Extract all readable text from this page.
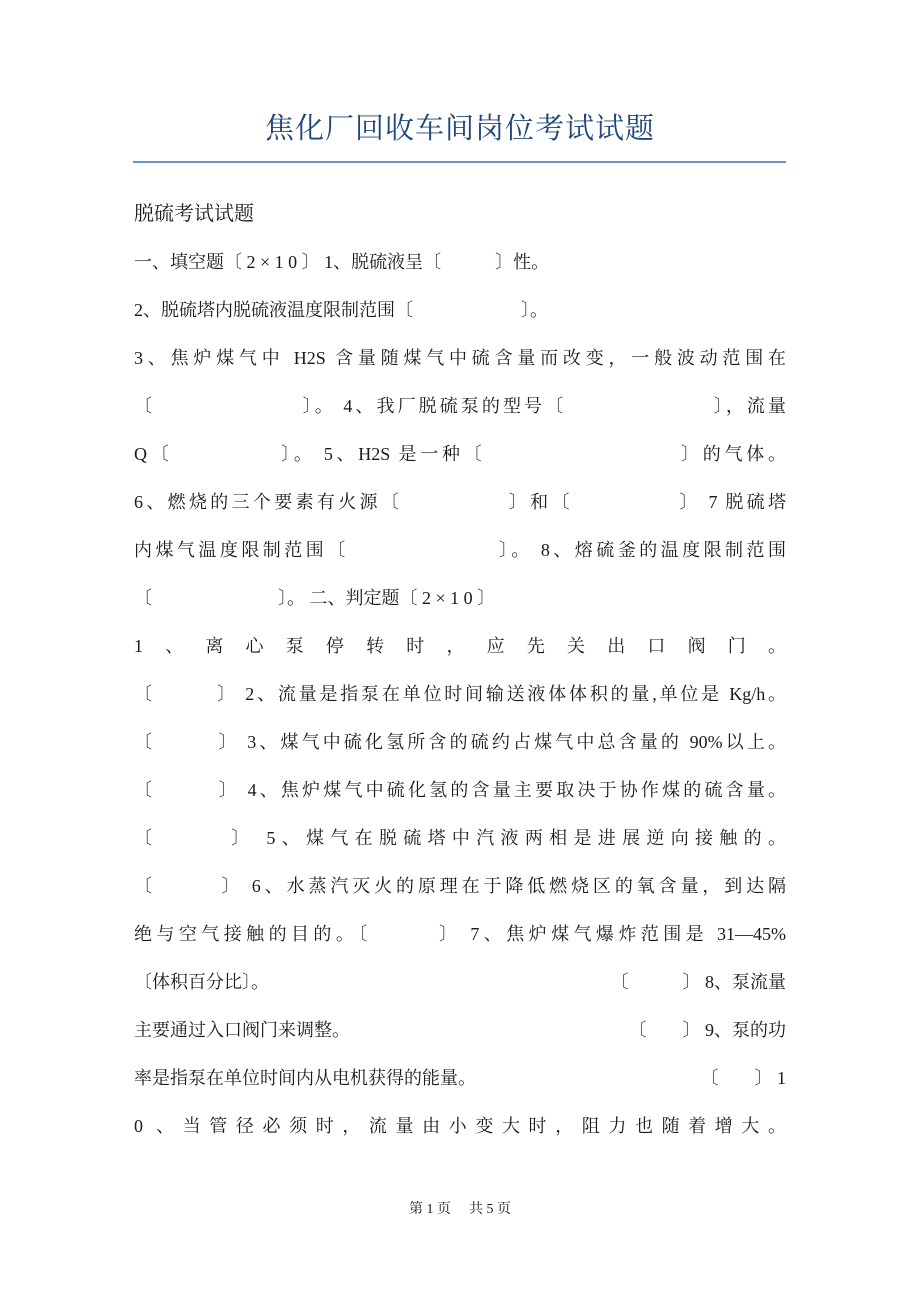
焦化厂回收车间岗位考试试题
脱硫考试试题
一、填空题〔 2 × 1 0 〕 1、脱硫液呈〔　　　〕性。
2、脱硫塔内脱硫液温度限制范围〔　　　　　　〕。
3、焦炉煤气中 H2S 含量随煤气中硫含量而改变，一般波动范围在
〔　　　　　　　〕。 4、我厂脱硫泵的型号〔　　　　　　　〕，流量
Q〔　　　　　〕。 5、H2S 是一种〔　　　　　　　　　〕的气体。
6、燃烧的三个要素有火源〔　　　　　〕和〔　　　　　〕 7 脱硫塔
内煤气温度限制范围〔　　　　　　　〕。 8、熔硫釜的温度限制范围
〔　　　　　　　〕。 二、判定题〔 2 × 1 0 〕
1、离心泵停转时，应先关出口阀门。
〔　　　〕 2、流量是指泵在单位时间输送液体体积的量,单位是 Kg/h。
〔　　　〕 3、煤气中硫化氢所含的硫约占煤气中总含量的 90%以上。
〔　　　〕 4、焦炉煤气中硫化氢的含量主要取决于协作煤的硫含量。
〔　　　〕 5、煤气在脱硫塔中汽液两相是进展逆向接触的。
〔　　　〕 6、水蒸汽灭火的原理在于降低燃烧区的氧含量，到达隔
绝与空气接触的目的。〔　　　〕 7、焦炉煤气爆炸范围是 31—45%
〔体积百分比〕。	〔　　　〕 8、泵流量
主要通过入口阀门来调整。	〔　　〕 9、泵的功
率是指泵在单位时间内从电机获得的能量。	〔　　〕 1
0 、当管径必须时，流量由小变大时，阻力也随着增大。
第 1 页 共 5 页
